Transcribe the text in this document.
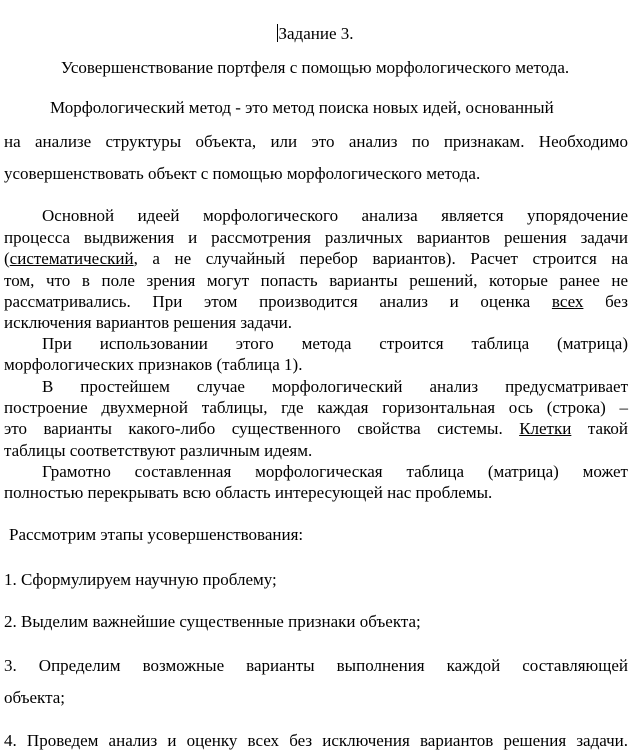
Задание 3.
Усовершенствование портфеля с помощью морфологического метода.
Морфологический метод - это метод поиска новых идей, основанный
на анализе структуры объекта, или это анализ по признакам. Необходимо
усовершенствовать объект с помощью морфологического метода.
Основной идеей морфологического анализа является упорядочение
процесса выдвижения и рассмотрения различных вариантов решения задачи
(систематический, а не случайный перебор вариантов). Расчет строится на
том, что в поле зрения могут попасть варианты решений, которые ранее не
рассматривались. При этом производится анализ и оценка всех без
исключения вариантов решения задачи.
При использовании этого метода строится таблица (матрица)
морфологических признаков (таблица 1).
В простейшем случае морфологический анализ предусматривает
построение двухмерной таблицы, где каждая горизонтальная ось (строка) –
это варианты какого-либо существенного свойства системы. Клетки такой
таблицы соответствуют различным идеям.
Грамотно составленная морфологическая таблица (матрица) может
полностью перекрывать всю область интересующей нас проблемы.
Рассмотрим этапы усовершенствования:
1. Сформулируем научную проблему;
2. Выделим важнейшие существенные признаки объекта;
3. Определим возможные варианты выполнения каждой составляющей
объекта;
4. Проведем анализ и оценку всех без исключения вариантов решения задачи.
